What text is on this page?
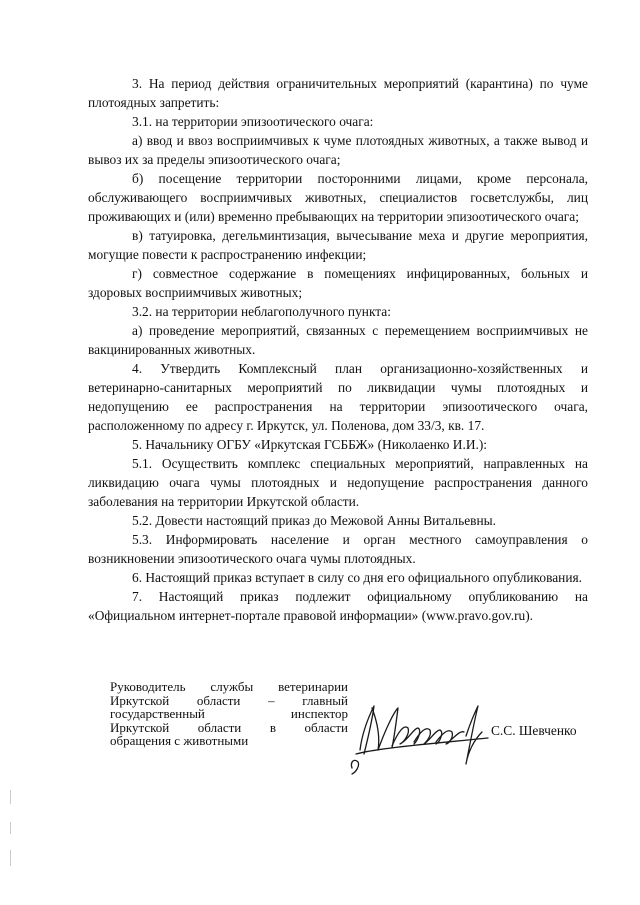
3. На период действия ограничительных мероприятий (карантина) по чуме плотоядных запретить:

3.1. на территории эпизоотического очага:

а) ввод и ввоз восприимчивых к чуме плотоядных животных, а также вывод и вывоз их за пределы эпизоотического очага;

б) посещение территории посторонними лицами, кроме персонала, обслуживающего восприимчивых животных, специалистов госветслужбы, лиц проживающих и (или) временно пребывающих на территории эпизоотического очага;

в) татуировка, дегельминтизация, вычесывание меха и другие мероприятия, могущие повести к распространению инфекции;

г) совместное содержание в помещениях инфицированных, больных и здоровых восприимчивых животных;

3.2. на территории неблагополучного пункта:

а) проведение мероприятий, связанных с перемещением восприимчивых не вакцинированных животных.

4. Утвердить Комплексный план организационно-хозяйственных и ветеринарно-санитарных мероприятий по ликвидации чумы плотоядных и недопущению ее распространения на территории эпизоотического очага, расположенному по адресу г. Иркутск, ул. Поленова, дом 33/3, кв. 17.

5. Начальнику ОГБУ «Иркутская ГСББЖ» (Николаенко И.И.):

5.1. Осуществить комплекс специальных мероприятий, направленных на ликвидацию очага чумы плотоядных и недопущение распространения данного заболевания на территории Иркутской области.

5.2. Довести настоящий приказ до Межовой Анны Витальевны.

5.3. Информировать население и орган местного самоуправления о возникновении эпизоотического очага чумы плотоядных.

6. Настоящий приказ вступает в силу со дня его официального опубликования.

7. Настоящий приказ подлежит официальному опубликованию на «Официальном интернет-портале правовой информации» (www.pravo.gov.ru).

Руководитель службы ветеринарии
Иркутской области – главный
государственный инспектор
Иркутской области в области
обращения с животными
С.С. Шевченко
